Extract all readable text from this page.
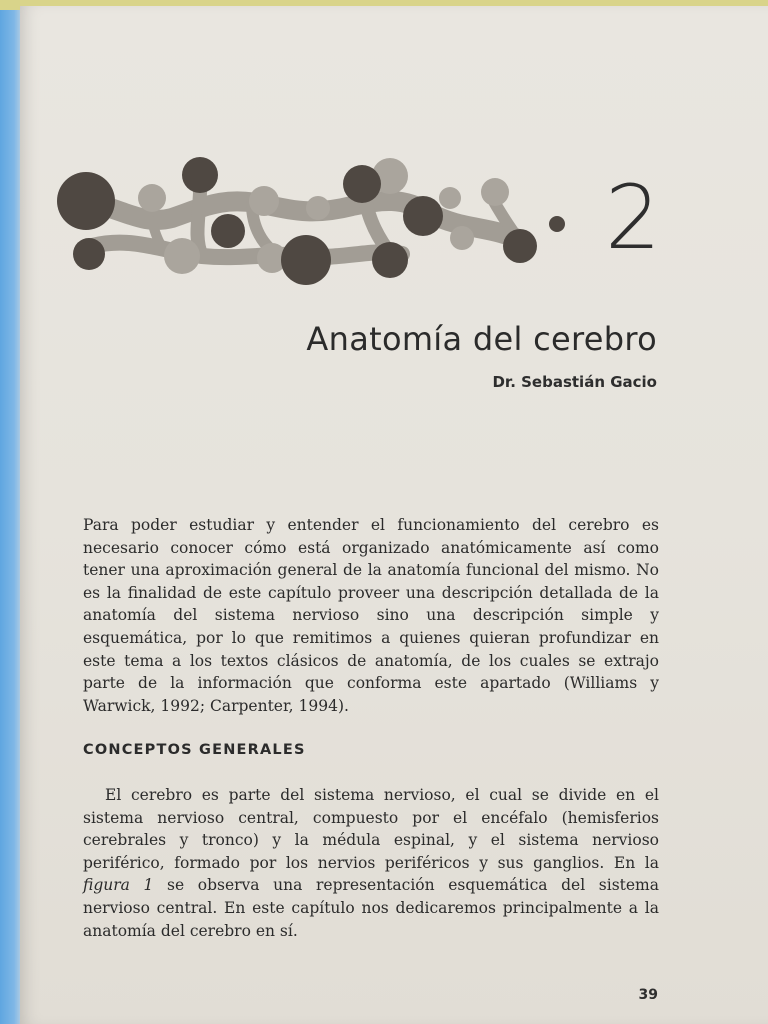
2
Anatomía del cerebro
Dr. Sebastián Gacio

Para poder estudiar y entender el funcionamiento del cerebro es necesario conocer cómo está organizado anatómicamente así como tener una aproximación general de la anatomía funcional del mismo. No es la finalidad de este capítulo proveer una descripción detallada de la anatomía del sistema nervioso sino una descripción simple y esquemática, por lo que remitimos a quienes quieran profundizar en este tema a los textos clásicos de anatomía, de los cuales se extrajo parte de la información que conforma este apartado (Williams y Warwick, 1992; Carpenter, 1994).

CONCEPTOS GENERALES

El cerebro es parte del sistema nervioso, el cual se divide en el sistema nervioso central, compuesto por el encéfalo (hemisferios cerebrales y tronco) y la médula espinal, y el sistema nervioso periférico, formado por los nervios periféricos y sus ganglios. En la figura 1 se observa una representación esquemática del sistema nervioso central. En este capítulo nos dedicaremos principalmente a la anatomía del cerebro en sí.

39
